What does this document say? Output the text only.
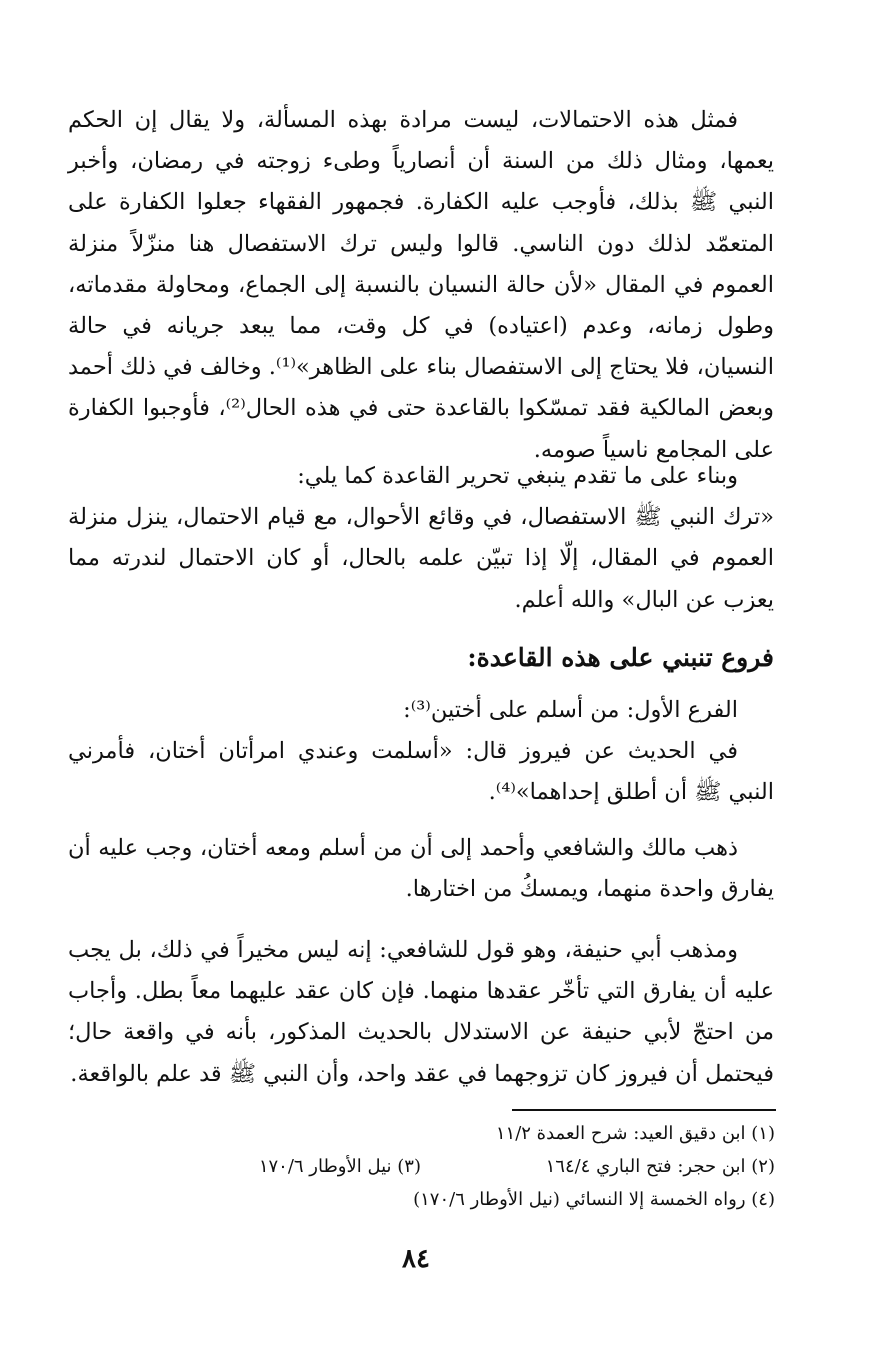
فمثل هذه الاحتمالات، ليست مرادة بهذه المسألة، ولا يقال إن الحكم يعمها، ومثال ذلك من السنة أن أنصارياً وطىء زوجته في رمضان، وأخبر النبي ﷺ بذلك، فأوجب عليه الكفارة. فجمهور الفقهاء جعلوا الكفارة على المتعمّد لذلك دون الناسي. قالوا وليس ترك الاستفصال هنا منزّلاً منزلة العموم في المقال «لأن حالة النسيان بالنسبة إلى الجماع، ومحاولة مقدماته، وطول زمانه، وعدم (اعتياده) في كل وقت، مما يبعد جريانه في حالة النسيان، فلا يحتاج إلى الاستفصال بناء على الظاهر»⁽¹⁾. وخالف في ذلك أحمد وبعض المالكية فقد تمسّكوا بالقاعدة حتى في هذه الحال⁽²⁾، فأوجبوا الكفارة على المجامع ناسياً صومه.

وبناء على ما تقدم ينبغي تحرير القاعدة كما يلي:

«ترك النبي ﷺ الاستفصال، في وقائع الأحوال، مع قيام الاحتمال، ينزل منزلة العموم في المقال، إلّا إذا تبيّن علمه بالحال، أو كان الاحتمال لندرته مما يعزب عن البال» والله أعلم.

فروع تنبني على هذه القاعدة:

الفرع الأول: من أسلم على أختين⁽³⁾:

في الحديث عن فيروز قال: «أسلمت وعندي امرأتان أختان، فأمرني النبي ﷺ أن أطلق إحداهما»⁽⁴⁾.

ذهب مالك والشافعي وأحمد إلى أن من أسلم ومعه أختان، وجب عليه أن يفارق واحدة منهما، ويمسكُ من اختارها.

ومذهب أبي حنيفة، وهو قول للشافعي: إنه ليس مخيراً في ذلك، بل يجب عليه أن يفارق التي تأخّر عقدها منهما. فإن كان عقد عليهما معاً بطل. وأجاب من احتجّ لأبي حنيفة عن الاستدلال بالحديث المذكور، بأنه في واقعة حال؛ فيحتمل أن فيروز كان تزوجهما في عقد واحد، وأن النبي ﷺ قد علم بالواقعة.

(١) ابن دقيق العيد: شرح العمدة ١١/٢
(٢) ابن حجر: فتح الباري ١٦٤/٤
(٣) نيل الأوطار ١٧٠/٦
(٤) رواه الخمسة إلا النسائي (نيل الأوطار ١٧٠/٦)
٨٤
